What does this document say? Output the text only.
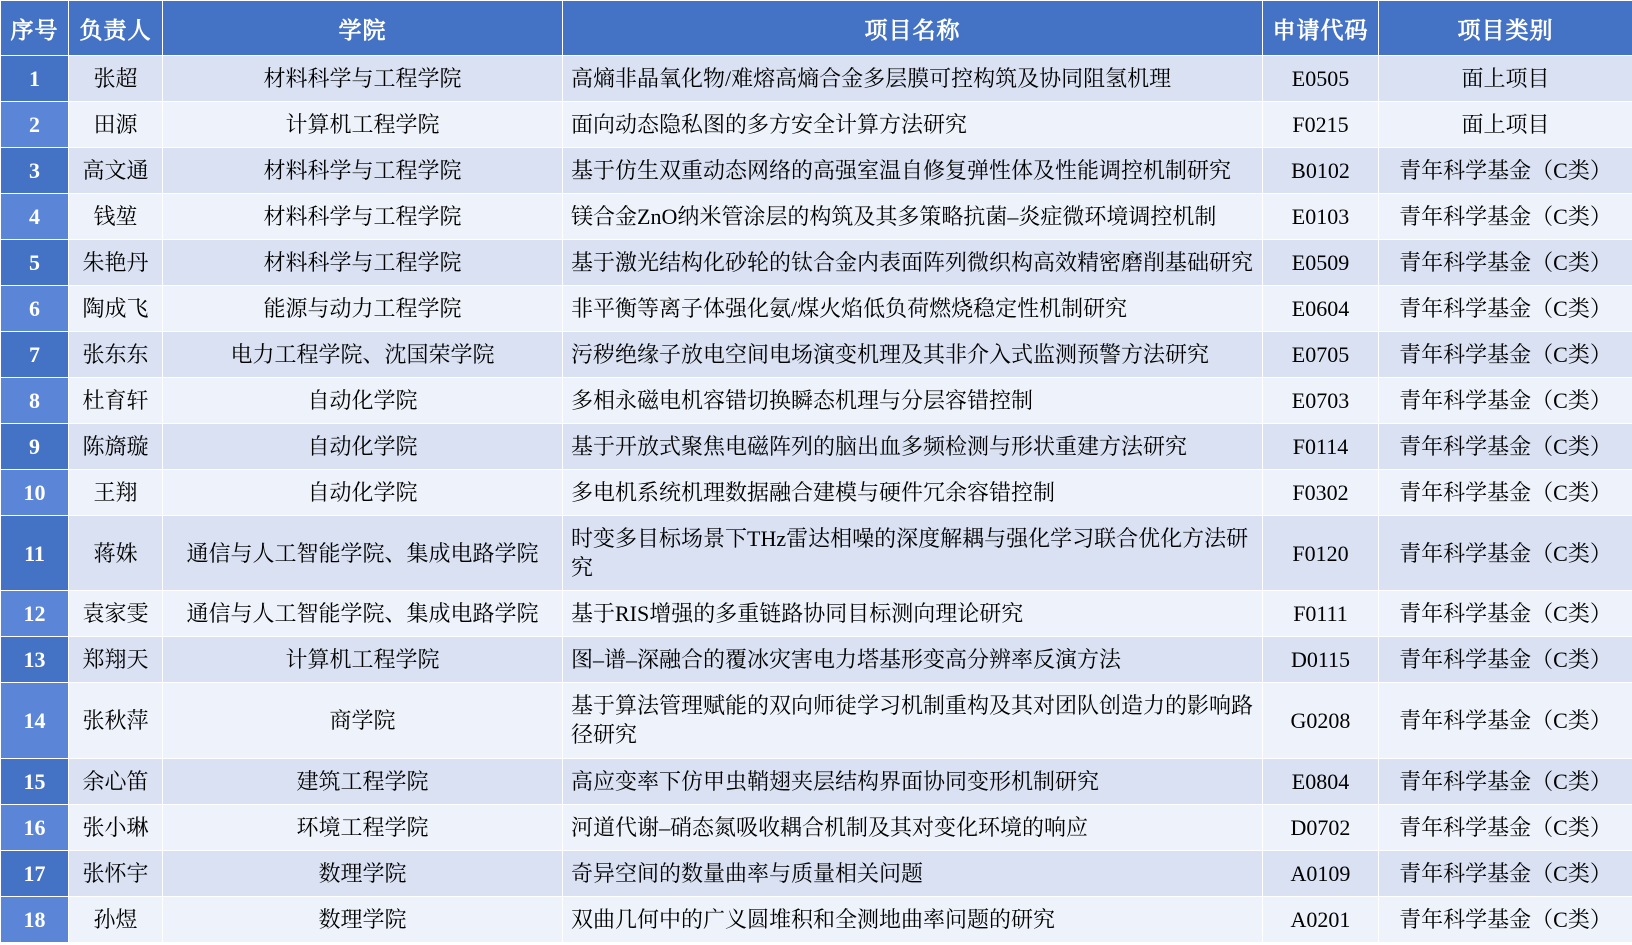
序号	负责人	学院	项目名称	申请代码	项目类别
1	张超	材料科学与工程学院	高熵非晶氧化物/难熔高熵合金多层膜可控构筑及协同阻氢机理	E0505	面上项目
2	田源	计算机工程学院	面向动态隐私图的多方安全计算方法研究	F0215	面上项目
3	高文通	材料科学与工程学院	基于仿生双重动态网络的高强室温自修复弹性体及性能调控机制研究	B0102	青年科学基金（C类）
4	钱堃	材料科学与工程学院	镁合金ZnO纳米管涂层的构筑及其多策略抗菌–炎症微环境调控机制	E0103	青年科学基金（C类）
5	朱艳丹	材料科学与工程学院	基于激光结构化砂轮的钛合金内表面阵列微织构高效精密磨削基础研究	E0509	青年科学基金（C类）
6	陶成飞	能源与动力工程学院	非平衡等离子体强化氨/煤火焰低负荷燃烧稳定性机制研究	E0604	青年科学基金（C类）
7	张东东	电力工程学院、沈国荣学院	污秽绝缘子放电空间电场演变机理及其非介入式监测预警方法研究	E0705	青年科学基金（C类）
8	杜育轩	自动化学院	多相永磁电机容错切换瞬态机理与分层容错控制	E0703	青年科学基金（C类）
9	陈旖璇	自动化学院	基于开放式聚焦电磁阵列的脑出血多频检测与形状重建方法研究	F0114	青年科学基金（C类）
10	王翔	自动化学院	多电机系统机理数据融合建模与硬件冗余容错控制	F0302	青年科学基金（C类）
11	蒋姝	通信与人工智能学院、集成电路学院	时变多目标场景下THz雷达相噪的深度解耦与强化学习联合优化方法研究	F0120	青年科学基金（C类）
12	袁家雯	通信与人工智能学院、集成电路学院	基于RIS增强的多重链路协同目标测向理论研究	F0111	青年科学基金（C类）
13	郑翔天	计算机工程学院	图–谱–深融合的覆冰灾害电力塔基形变高分辨率反演方法	D0115	青年科学基金（C类）
14	张秋萍	商学院	基于算法管理赋能的双向师徒学习机制重构及其对团队创造力的影响路径研究	G0208	青年科学基金（C类）
15	余心笛	建筑工程学院	高应变率下仿甲虫鞘翅夹层结构界面协同变形机制研究	E0804	青年科学基金（C类）
16	张小琳	环境工程学院	河道代谢–硝态氮吸收耦合机制及其对变化环境的响应	D0702	青年科学基金（C类）
17	张怀宇	数理学院	奇异空间的数量曲率与质量相关问题	A0109	青年科学基金（C类）
18	孙煜	数理学院	双曲几何中的广义圆堆积和全测地曲率问题的研究	A0201	青年科学基金（C类）
